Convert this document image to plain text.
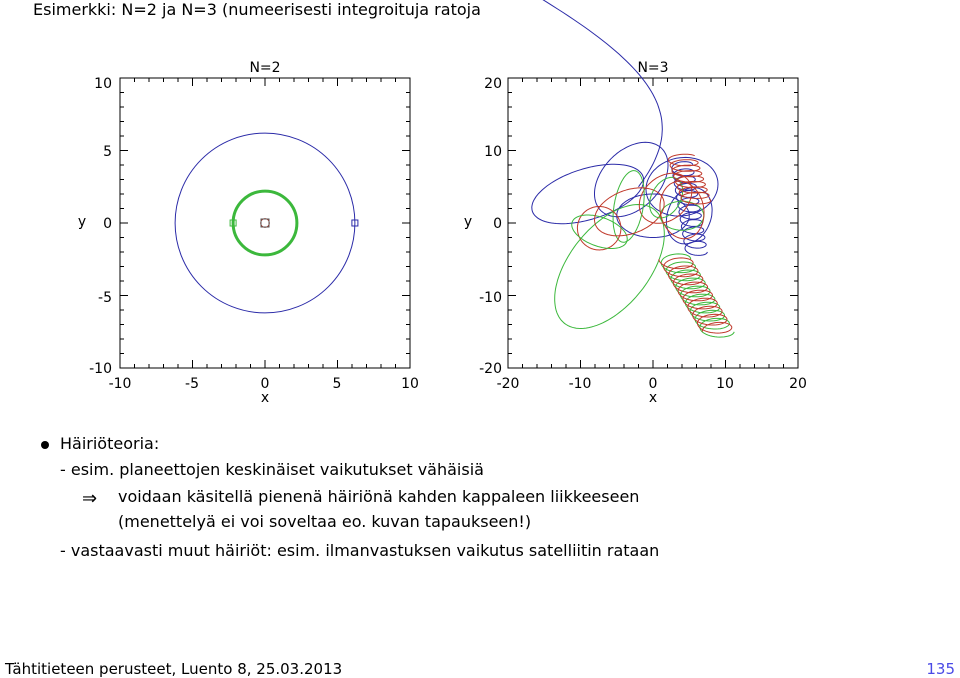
Esimerkki: N=2 ja N=3 (numeerisesti integroituja ratoja
N=2
x
y
-10	-5	0	5	10
-10
-5
0
5
10
N=3
x
y
-20	-10	0	10	20
-20
-10
0
10
20
Häiriöteoria:
- esim. planeettojen keskinäiset vaikutukset vähäisiä
⇒ voidaan käsitellä pienenä häiriönä kahden kappaleen liikkeeseen
(menettelyä ei voi soveltaa eo. kuvan tapaukseen!)
- vastaavasti muut häiriöt: esim. ilmanvastuksen vaikutus satelliitin rataan
Tähtitieteen perusteet, Luento 8, 25.03.2013	135
